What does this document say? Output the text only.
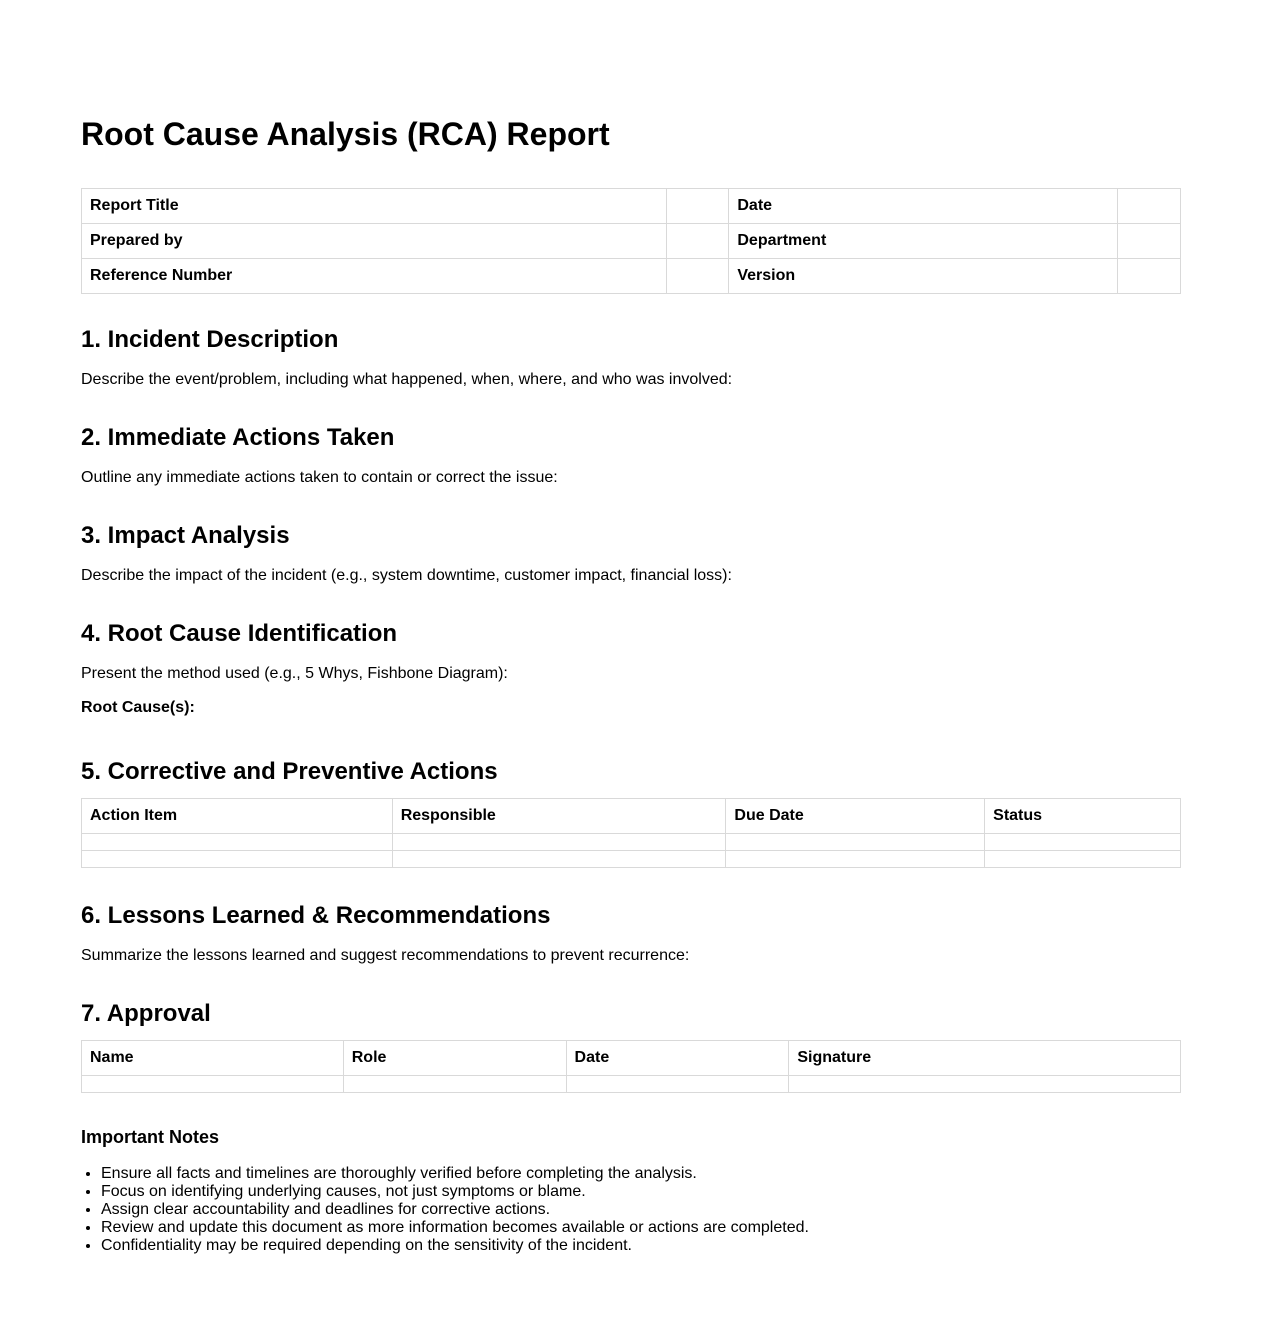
Root Cause Analysis (RCA) Report
Report Title		Date	
Prepared by		Department	
Reference Number		Version	
1. Incident Description

Describe the event/problem, including what happened, when, where, and who was involved:

2. Immediate Actions Taken

Outline any immediate actions taken to contain or correct the issue:

3. Impact Analysis

Describe the impact of the incident (e.g., system downtime, customer impact, financial loss):

4. Root Cause Identification

Present the method used (e.g., 5 Whys, Fishbone Diagram):

Root Cause(s):

5. Corrective and Preventive Actions
Action Item	Responsible	Due Date	Status

6. Lessons Learned & Recommendations

Summarize the lessons learned and suggest recommendations to prevent recurrence:

7. Approval
Name	Role	Date	Signature

Important Notes
• Ensure all facts and timelines are thoroughly verified before completing the analysis.
• Focus on identifying underlying causes, not just symptoms or blame.
• Assign clear accountability and deadlines for corrective actions.
• Review and update this document as more information becomes available or actions are completed.
• Confidentiality may be required depending on the sensitivity of the incident.
